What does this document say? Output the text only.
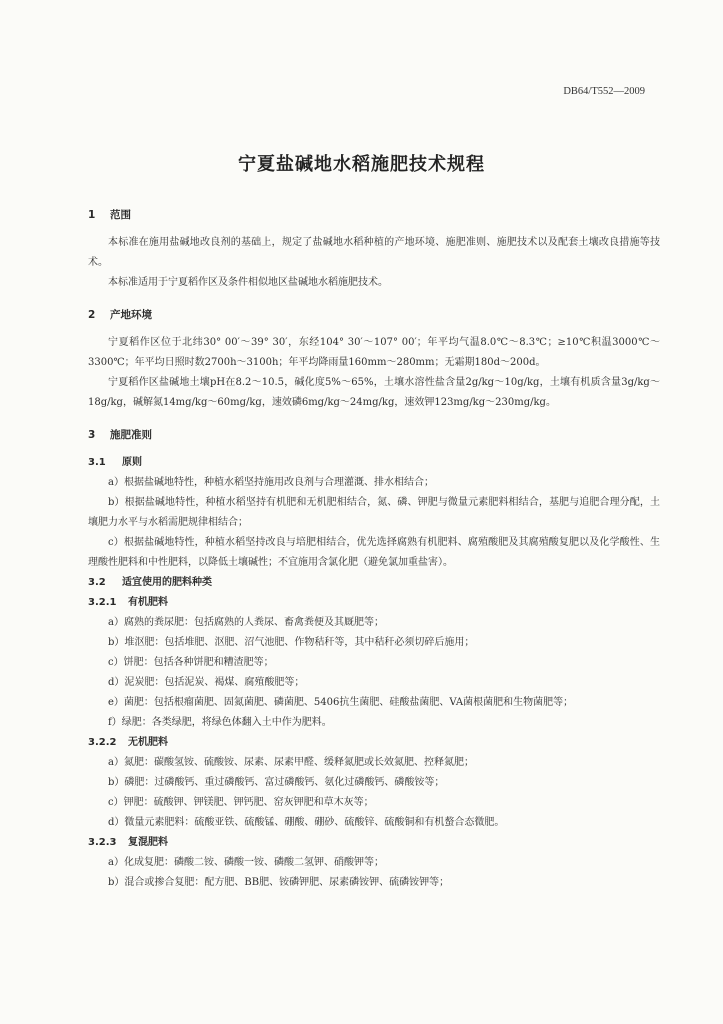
DB64/T552—2009
宁夏盐碱地水稻施肥技术规程
1 范围

本标准在施用盐碱地改良剂的基础上，规定了盐碱地水稻种植的产地环境、施肥准则、施肥技术以及配套土壤改良措施等技术。

本标准适用于宁夏稻作区及条件相似地区盐碱地水稻施肥技术。

2 产地环境

宁夏稻作区位于北纬30° 00′～39° 30′，东经104° 30′～107° 00′；年平均气温8.0℃～8.3℃；≥10℃积温3000℃～3300℃；年平均日照时数2700h～3100h；年平均降雨量160mm～280mm；无霜期180d～200d。

宁夏稻作区盐碱地土壤pH在8.2～10.5，碱化度5%～65%，土壤水溶性盐含量2g/kg～10g/kg，土壤有机质含量3g/kg～18g/kg，碱解氮14mg/kg～60mg/kg，速效磷6mg/kg～24mg/kg，速效钾123mg/kg～230mg/kg。

3 施肥准则
3.1 原则

a）根据盐碱地特性，种植水稻坚持施用改良剂与合理灌溉、排水相结合；

b）根据盐碱地特性，种植水稻坚持有机肥和无机肥相结合，氮、磷、钾肥与微量元素肥料相结合，基肥与追肥合理分配，土壤肥力水平与水稻需肥规律相结合；

c）根据盐碱地特性，种植水稻坚持改良与培肥相结合，优先选择腐熟有机肥料、腐殖酸肥及其腐殖酸复肥以及化学酸性、生理酸性肥料和中性肥料，以降低土壤碱性；不宜施用含氯化肥（避免氯加重盐害）。

3.2 适宜使用的肥料种类
3.2.1 有机肥料

a）腐熟的粪尿肥：包括腐熟的人粪尿、畜禽粪便及其厩肥等；

b）堆沤肥：包括堆肥、沤肥、沼气池肥、作物秸秆等，其中秸秆必须切碎后施用；

c）饼肥：包括各种饼肥和糟渣肥等；

d）泥炭肥：包括泥炭、褐煤、腐殖酸肥等；

e）菌肥：包括根瘤菌肥、固氮菌肥、磷菌肥、5406抗生菌肥、硅酸盐菌肥、VA菌根菌肥和生物菌肥等；

f）绿肥：各类绿肥，将绿色体翻入土中作为肥料。

3.2.2 无机肥料

a）氮肥：碳酸氢铵、硫酸铵、尿素、尿素甲醛、缓释氮肥或长效氮肥、控释氮肥；

b）磷肥：过磷酸钙、重过磷酸钙、富过磷酸钙、氨化过磷酸钙、磷酸铵等；

c）钾肥：硫酸钾、钾镁肥、钾钙肥、窑灰钾肥和草木灰等；

d）微量元素肥料：硫酸亚铁、硫酸锰、硼酸、硼砂、硫酸锌、硫酸铜和有机螯合态微肥。

3.2.3 复混肥料

a）化成复肥：磷酸二铵、磷酸一铵、磷酸二氢钾、硝酸钾等；

b）混合或掺合复肥：配方肥、BB肥、铵磷钾肥、尿素磷铵钾、硫磷铵钾等；
